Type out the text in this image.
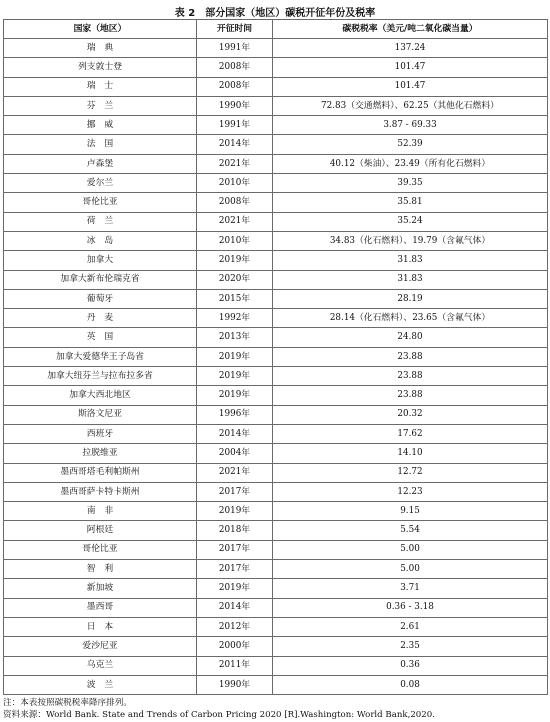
表 2　部分国家（地区）碳税开征年份及税率
国家（地区）	开征时间	碳税税率（美元/吨二氧化碳当量）
瑞　典	1991年	137.24
列支敦士登	2008年	101.47
瑞　士	2008年	101.47
芬　兰	1990年	72.83（交通燃料）、62.25（其他化石燃料）
挪　威	1991年	3.87 - 69.33
法　国	2014年	52.39
卢森堡	2021年	40.12（柴油）、23.49（所有化石燃料）
爱尔兰	2010年	39.35
哥伦比亚	2008年	35.81
荷　兰	2021年	35.24
冰　岛	2010年	34.83（化石燃料）、19.79（含氟气体）
加拿大	2019年	31.83
加拿大新布伦瑞克省	2020年	31.83
葡萄牙	2015年	28.19
丹　麦	1992年	28.14（化石燃料）、23.65（含氟气体）
英　国	2013年	24.80
加拿大爱德华王子岛省	2019年	23.88
加拿大纽芬兰与拉布拉多省	2019年	23.88
加拿大西北地区	2019年	23.88
斯洛文尼亚	1996年	20.32
西班牙	2014年	17.62
拉脱维亚	2004年	14.10
墨西哥塔毛利帕斯州	2021年	12.72
墨西哥萨卡特卡斯州	2017年	12.23
南　非	2019年	9.15
阿根廷	2018年	5.54
哥伦比亚	2017年	5.00
智　利	2017年	5.00
新加坡	2019年	3.71
墨西哥	2014年	0.36 - 3.18
日　本	2012年	2.61
爱沙尼亚	2000年	2.35
乌克兰	2011年	0.36
波　兰	1990年	0.08
注：本表按照碳税税率降序排列。
资料来源：World Bank. State and Trends of Carbon Pricing 2020 [R].Washington: World Bank,2020.
